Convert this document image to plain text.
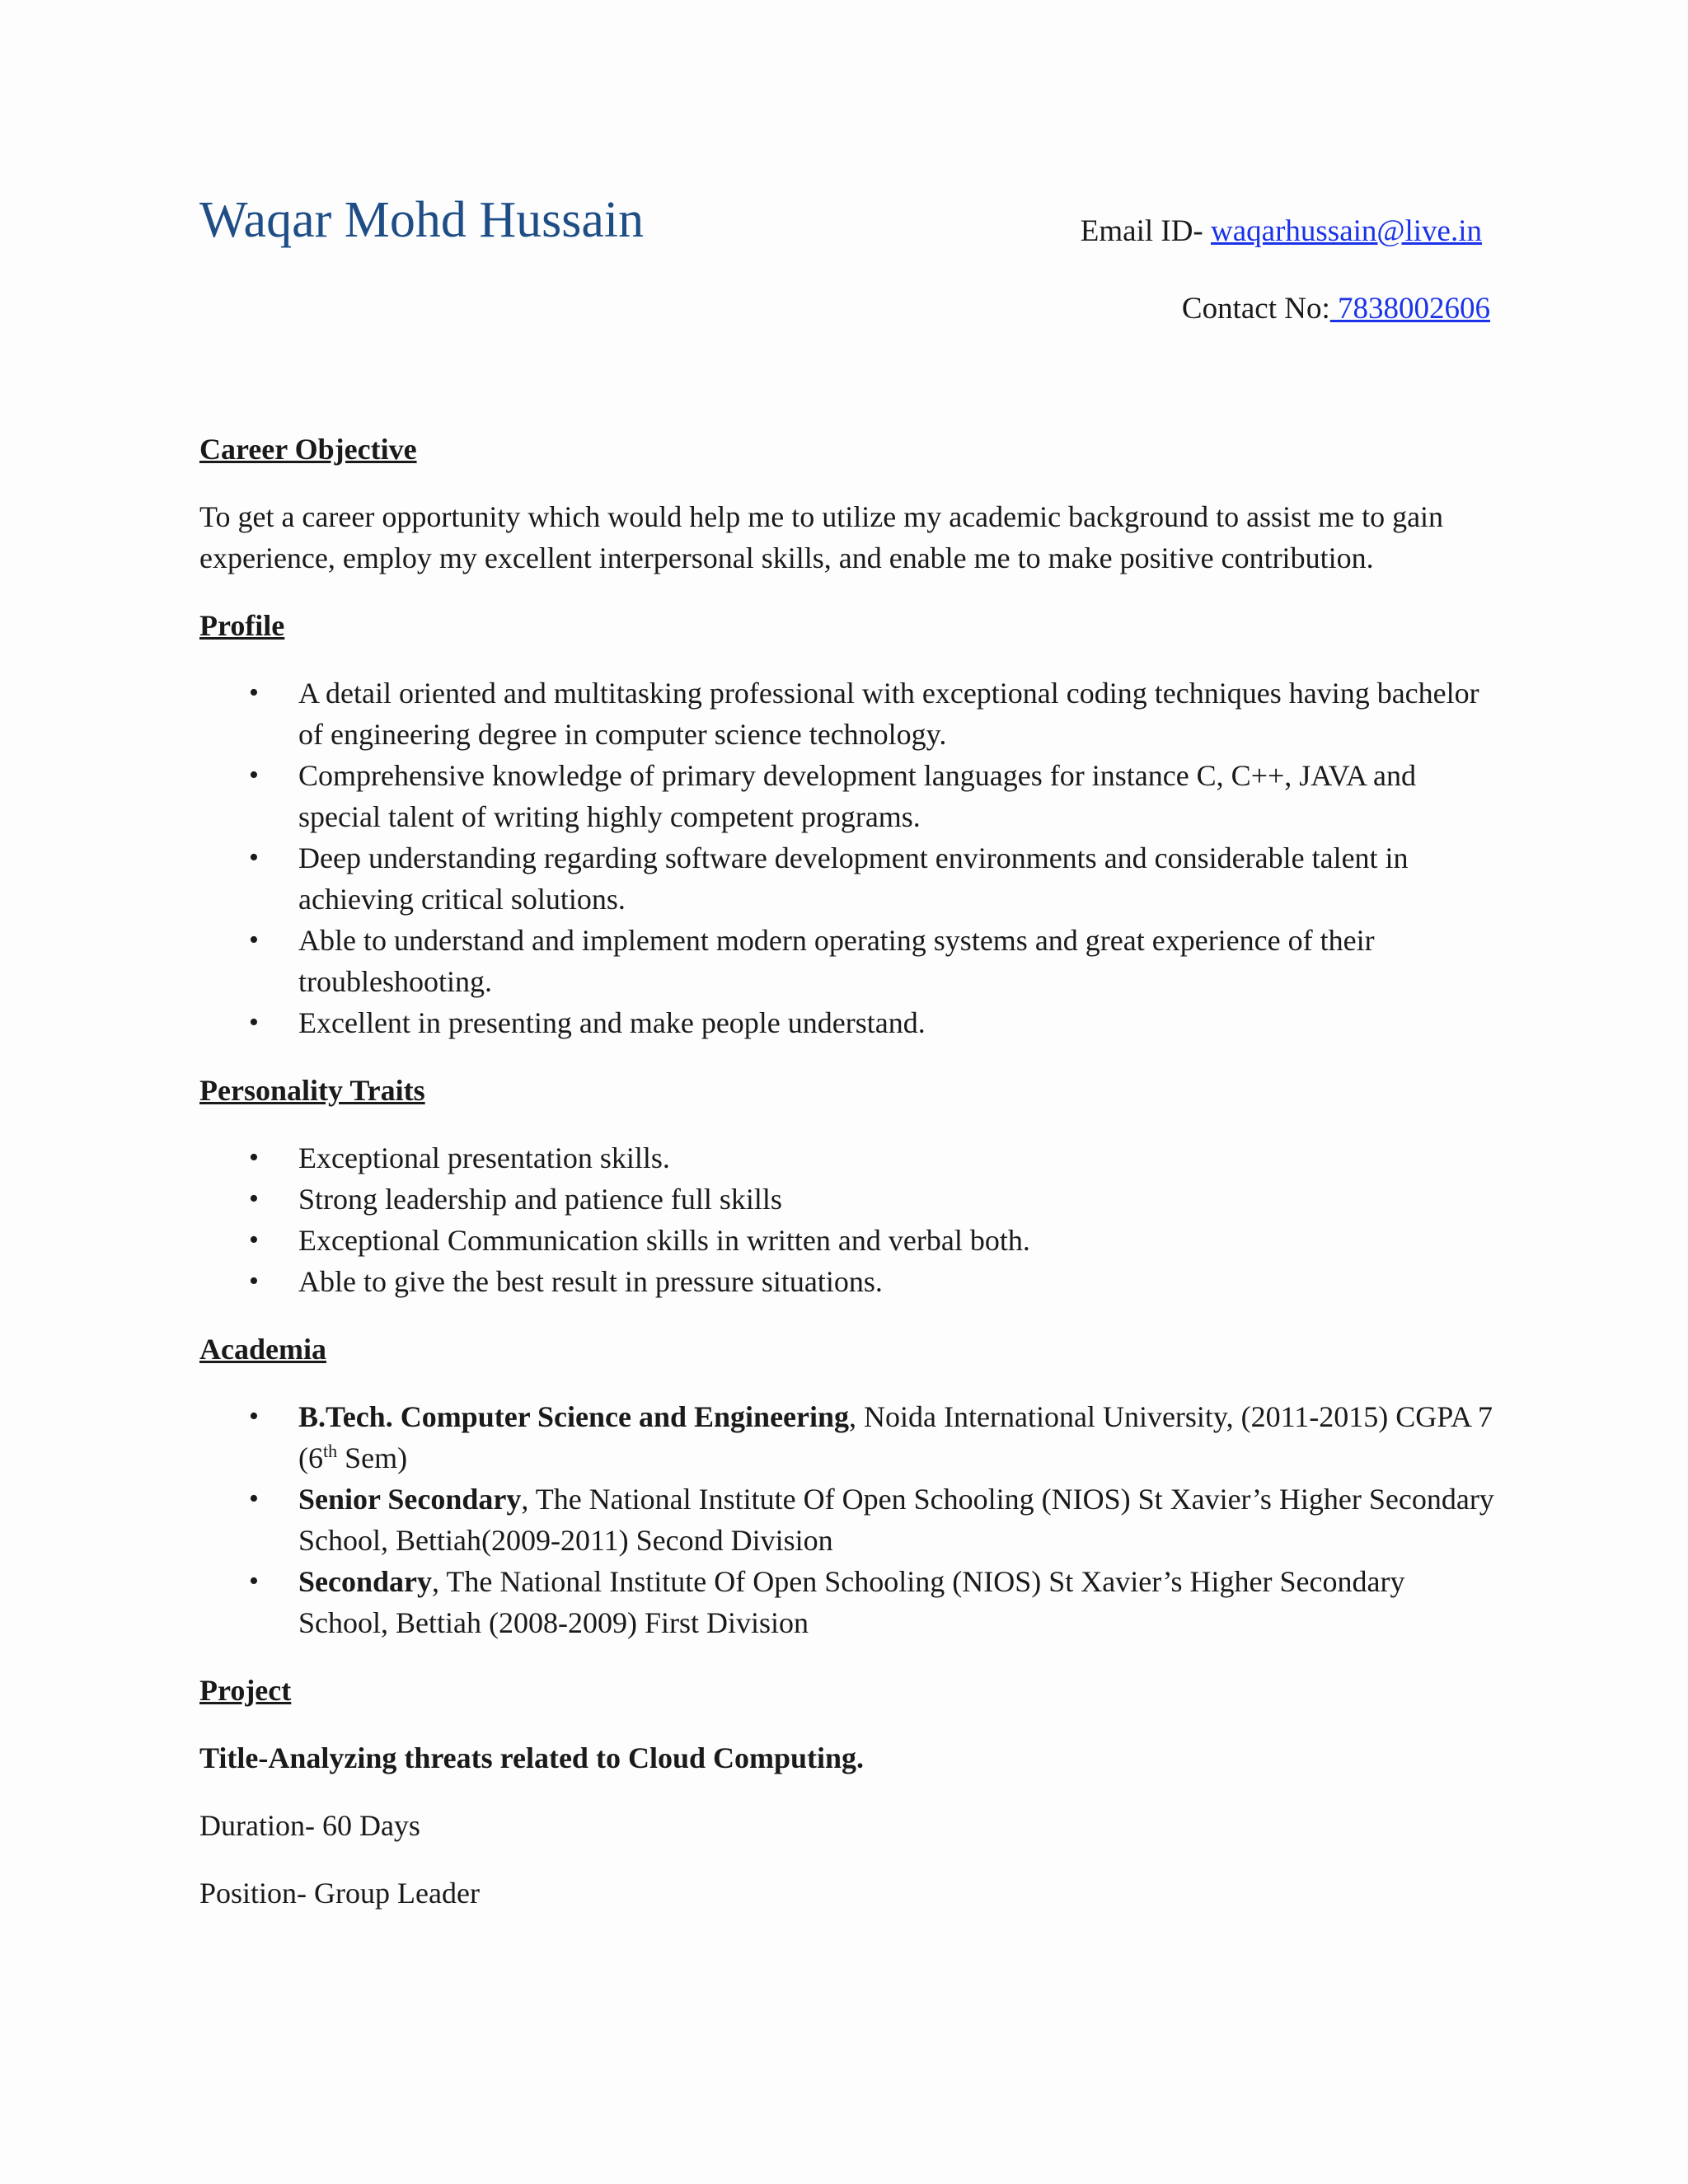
Waqar Mohd Hussain	Email ID- waqarhussain@live.in
Contact No: 7838002606

Career Objective

To get a career opportunity which would help me to utilize my academic background to assist me to gain experience, employ my excellent interpersonal skills, and enable me to make positive contribution.

Profile

•	A detail oriented and multitasking professional with exceptional coding techniques having bachelor of engineering degree in computer science technology.
•	Comprehensive knowledge of primary development languages for instance C, C++, JAVA and special talent of writing highly competent programs.
•	Deep understanding regarding software development environments and considerable talent in achieving critical solutions.
•	Able to understand and implement modern operating systems and great experience of their troubleshooting.
•	Excellent in presenting and make people understand.

Personality Traits

•	Exceptional presentation skills.
•	Strong leadership and patience full skills
•	Exceptional Communication skills in written and verbal both.
•	Able to give the best result in pressure situations.

Academia

•	B.Tech. Computer Science and Engineering, Noida International University, (2011-2015) CGPA 7 (6th Sem)
•	Senior Secondary, The National Institute Of Open Schooling (NIOS) St Xavier’s Higher Secondary School, Bettiah(2009-2011) Second Division
•	Secondary, The National Institute Of Open Schooling (NIOS) St Xavier’s Higher Secondary School, Bettiah (2008-2009) First Division

Project

Title-Analyzing threats related to Cloud Computing.

Duration- 60 Days

Position- Group Leader
